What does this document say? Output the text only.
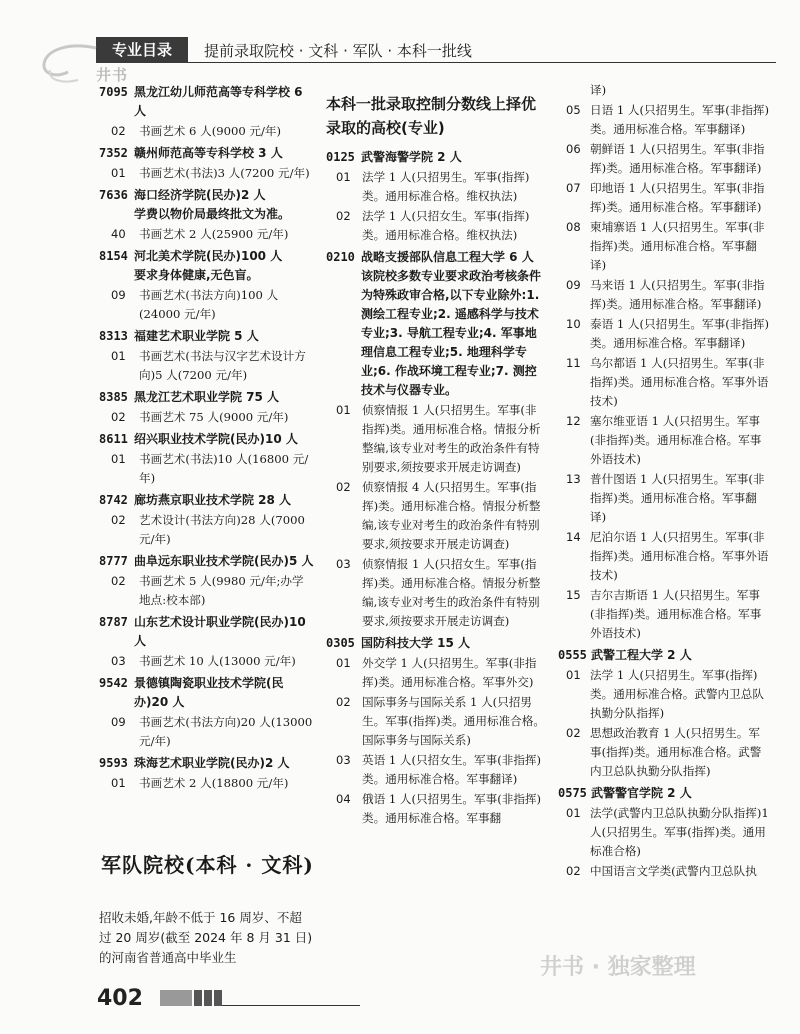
专业目录	提前录取院校 · 文科 · 军队 · 本科一批线
井书
7095 黑龙江幼儿师范高等专科学校 6 人
02 书画艺术 6 人(9000 元/年)
7352 赣州师范高等专科学校 3 人
01 书画艺术(书法)3 人(7200 元/年)
7636 海口经济学院(民办)2 人
学费以物价局最终批文为准。
40 书画艺术 2 人(25900 元/年)
8154 河北美术学院(民办)100 人
要求身体健康,无色盲。
09 书画艺术(书法方向)100 人(24000 元/年)
8313 福建艺术职业学院 5 人
01 书画艺术(书法与汉字艺术设计方向)5 人(7200 元/年)
8385 黑龙江艺术职业学院 75 人
02 书画艺术 75 人(9000 元/年)
8611 绍兴职业技术学院(民办)10 人
01 书画艺术(书法)10 人(16800 元/年)
8742 廊坊燕京职业技术学院 28 人
02 艺术设计(书法方向)28 人(7000 元/年)
8777 曲阜远东职业技术学院(民办)5 人
02 书画艺术 5 人(9980 元/年;办学地点:校本部)
8787 山东艺术设计职业学院(民办)10 人
03 书画艺术 10 人(13000 元/年)
9542 景德镇陶瓷职业技术学院(民办)20 人
09 书画艺术(书法方向)20 人(13000 元/年)
9593 珠海艺术职业学院(民办)2 人
01 书画艺术 2 人(18800 元/年)
军队院校(本科 · 文科)
招收未婚,年龄不低于 16 周岁、不超过 20 周岁(截至 2024 年 8 月 31 日)的河南省普通高中毕业生
本科一批录取控制分数线上择优录取的高校(专业)
0125 武警海警学院 2 人
01 法学 1 人(只招男生。军事(指挥)类。通用标准合格。维权执法)
02 法学 1 人(只招女生。军事(指挥)类。通用标准合格。维权执法)
0210 战略支援部队信息工程大学 6 人
该院校多数专业要求政治考核条件为特殊政审合格,以下专业除外:1. 测绘工程专业;2. 遥感科学与技术专业;3. 导航工程专业;4. 军事地理信息工程专业;5. 地理科学专业;6. 作战环境工程专业;7. 测控技术与仪器专业。
01 侦察情报 1 人(只招男生。军事(非指挥)类。通用标准合格。情报分析整编,该专业对考生的政治条件有特别要求,须按要求开展走访调查)
02 侦察情报 4 人(只招男生。军事(指挥)类。通用标准合格。情报分析整编,该专业对考生的政治条件有特别要求,须按要求开展走访调查)
03 侦察情报 1 人(只招女生。军事(指挥)类。通用标准合格。情报分析整编,该专业对考生的政治条件有特别要求,须按要求开展走访调查)
0305 国防科技大学 15 人
01 外交学 1 人(只招男生。军事(非指挥)类。通用标准合格。军事外交)
02 国际事务与国际关系 1 人(只招男生。军事(指挥)类。通用标准合格。国际事务与国际关系)
03 英语 1 人(只招女生。军事(非指挥)类。通用标准合格。军事翻译)
04 俄语 1 人(只招男生。军事(非指挥)类。通用标准合格。军事翻
译)
05 日语 1 人(只招男生。军事(非指挥)类。通用标准合格。军事翻译)
06 朝鲜语 1 人(只招男生。军事(非指挥)类。通用标准合格。军事翻译)
07 印地语 1 人(只招男生。军事(非指挥)类。通用标准合格。军事翻译)
08 柬埔寨语 1 人(只招男生。军事(非指挥)类。通用标准合格。军事翻译)
09 马来语 1 人(只招男生。军事(非指挥)类。通用标准合格。军事翻译)
10 泰语 1 人(只招男生。军事(非指挥)类。通用标准合格。军事翻译)
11 乌尔都语 1 人(只招男生。军事(非指挥)类。通用标准合格。军事外语技术)
12 塞尔维亚语 1 人(只招男生。军事(非指挥)类。通用标准合格。军事外语技术)
13 普什图语 1 人(只招男生。军事(非指挥)类。通用标准合格。军事翻译)
14 尼泊尔语 1 人(只招男生。军事(非指挥)类。通用标准合格。军事外语技术)
15 吉尔吉斯语 1 人(只招男生。军事(非指挥)类。通用标准合格。军事外语技术)
0555 武警工程大学 2 人
01 法学 1 人(只招男生。军事(指挥)类。通用标准合格。武警内卫总队执勤分队指挥)
02 思想政治教育 1 人(只招男生。军事(指挥)类。通用标准合格。武警内卫总队执勤分队指挥)
0575 武警警官学院 2 人
01 法学(武警内卫总队执勤分队指挥)1 人(只招男生。军事(指挥)类。通用标准合格)
02 中国语言文学类(武警内卫总队执
402
井书 · 独家整理
